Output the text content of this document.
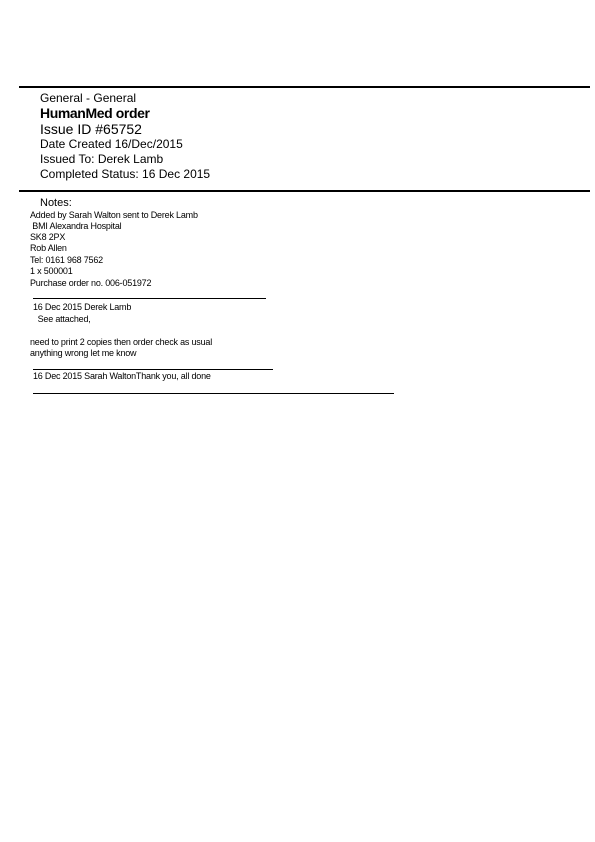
General - General
HumanMed order
Issue ID #65752
Date Created 16/Dec/2015
Issued To: Derek Lamb
Completed Status: 16 Dec 2015
Notes:
Added by Sarah Walton sent to Derek Lamb
BMI Alexandra Hospital
SK8 2PX
Rob Allen
Tel: 0161 968 7562
1 x 500001
Purchase order no. 006-051972
16 Dec 2015 Derek Lamb
See attached,
need to print 2 copies then order check as usual
anything wrong let me know
16 Dec 2015 Sarah WaltonThank you, all done
